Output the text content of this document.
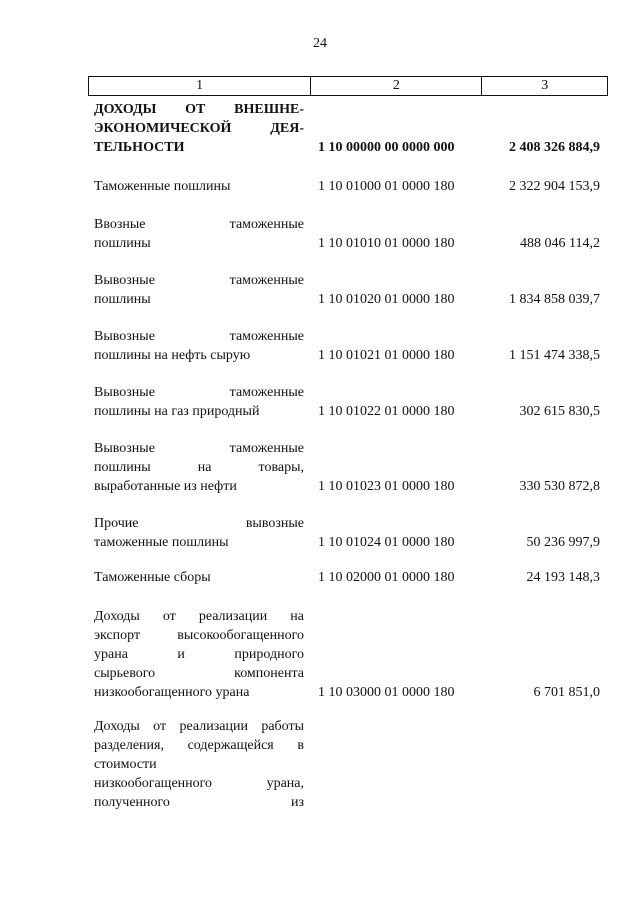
24
1	2	3
ДОХОДЫ ОТ ВНЕШНЕ-
ЭКОНОМИЧЕСКОЙ ДЕЯ-
ТЕЛЬНОСТИ	1 10 00000 00 0000 000	2 408 326 884,9
Таможенные пошлины	1 10 01000 01 0000 180	2 322 904 153,9
Ввозные таможенные
пошлины	1 10 01010 01 0000 180	488 046 114,2
Вывозные таможенные
пошлины	1 10 01020 01 0000 180	1 834 858 039,7
Вывозные таможенные
пошлины на нефть сырую	1 10 01021 01 0000 180	1 151 474 338,5
Вывозные таможенные
пошлины на газ природный	1 10 01022 01 0000 180	302 615 830,5
Вывозные таможенные
пошлины на товары,
выработанные из нефти	1 10 01023 01 0000 180	330 530 872,8
Прочие вывозные
таможенные пошлины	1 10 01024 01 0000 180	50 236 997,9
Таможенные сборы	1 10 02000 01 0000 180	24 193 148,3
Доходы от реализации на
экспорт высокообогащенного
урана и природного
сырьевого компонента
низкообогащенного урана	1 10 03000 01 0000 180	6 701 851,0
Доходы от реализации работы
разделения, содержащейся в
стоимости
низкообогащенного урана,
полученного из
